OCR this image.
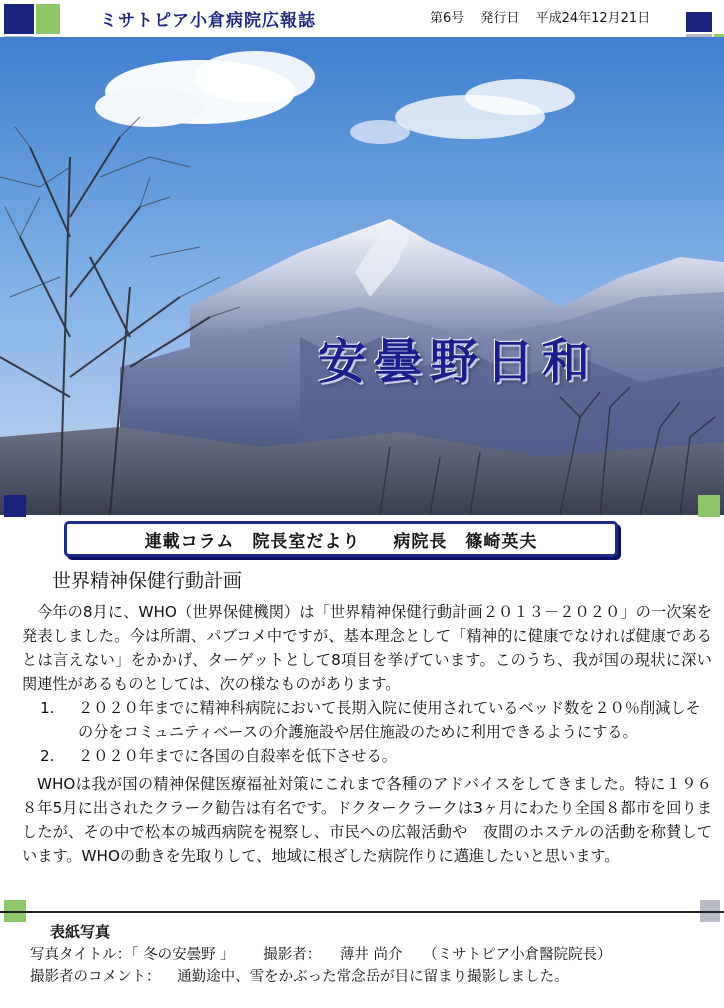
ミサトピア小倉病院広報誌	第6号 発行日 平成24年12月21日
安曇野日和
連載コラム 院長室だより 病院長 篠崎英夫
世界精神保健行動計画

今年の8月に、WHO（世界保健機関）は「世界精神保健行動計画２０１３－２０２０」の一次案を発表しました。今は所謂、パブコメ中ですが、基本理念として「精神的に健康でなければ健康であるとは言えない」をかかげ、ターゲットとして8項目を挙げています。このうち、我が国の現状に深い関連性があるものとしては、次の様なものがあります。

1. ２０２０年までに精神科病院において長期入院に使用されているベッド数を２０％削減しその分をコミュニティベースの介護施設や居住施設のために利用できるようにする。
2. ２０２０年までに各国の自殺率を低下させる。

WHOは我が国の精神保健医療福祉対策にこれまで各種のアドバイスをしてきました。特に１９６８年5月に出されたクラーク勧告は有名です。ドクタークラークは3ヶ月にわたり全国８都市を回りましたが、その中で松本の城西病院を視察し、市民への広報活動や　夜間のホステルの活動を称賛しています。WHOの動きを先取りして、地域に根ざした病院作りに邁進したいと思います。

表紙写真
写真タイトル：「 冬の安曇野 」 撮影者： 薄井 尚介 （ミサトピア小倉醫院院長）
撮影者のコメント： 通勤途中、雪をかぶった常念岳が目に留まり撮影しました。
